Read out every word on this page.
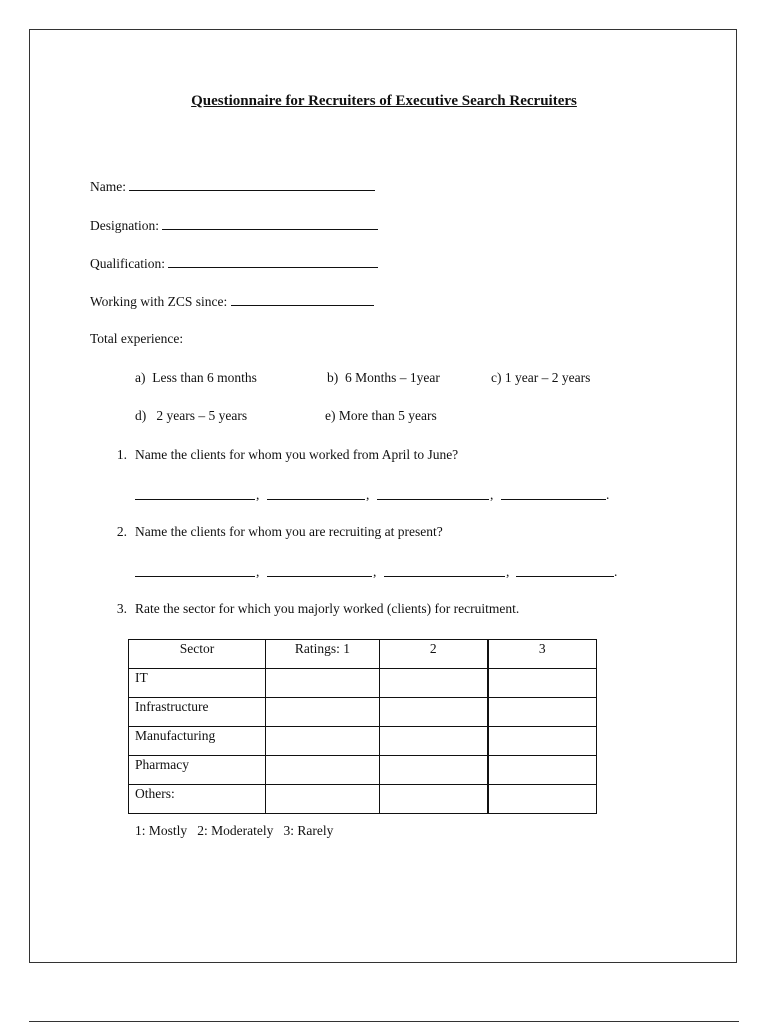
Questionnaire for Recruiters of Executive Search Recruiters
Name:
Designation:
Qualification:
Working with ZCS since:
Total experience:
a)  Less than 6 months	b)  6 Months – 1year	c) 1 year – 2 years
d)   2 years – 5 years	e) More than 5 years
1. Name the clients for whom you worked from April to June?
,	,	,	.
2. Name the clients for whom you are recruiting at present?
,	,	,	.
3. Rate the sector for which you majorly worked (clients) for recruitment.
Sector	Ratings: 1	2	3
IT			
Infrastructure			
Manufacturing			
Pharmacy			
Others:			
1: Mostly   2: Moderately   3: Rarely
